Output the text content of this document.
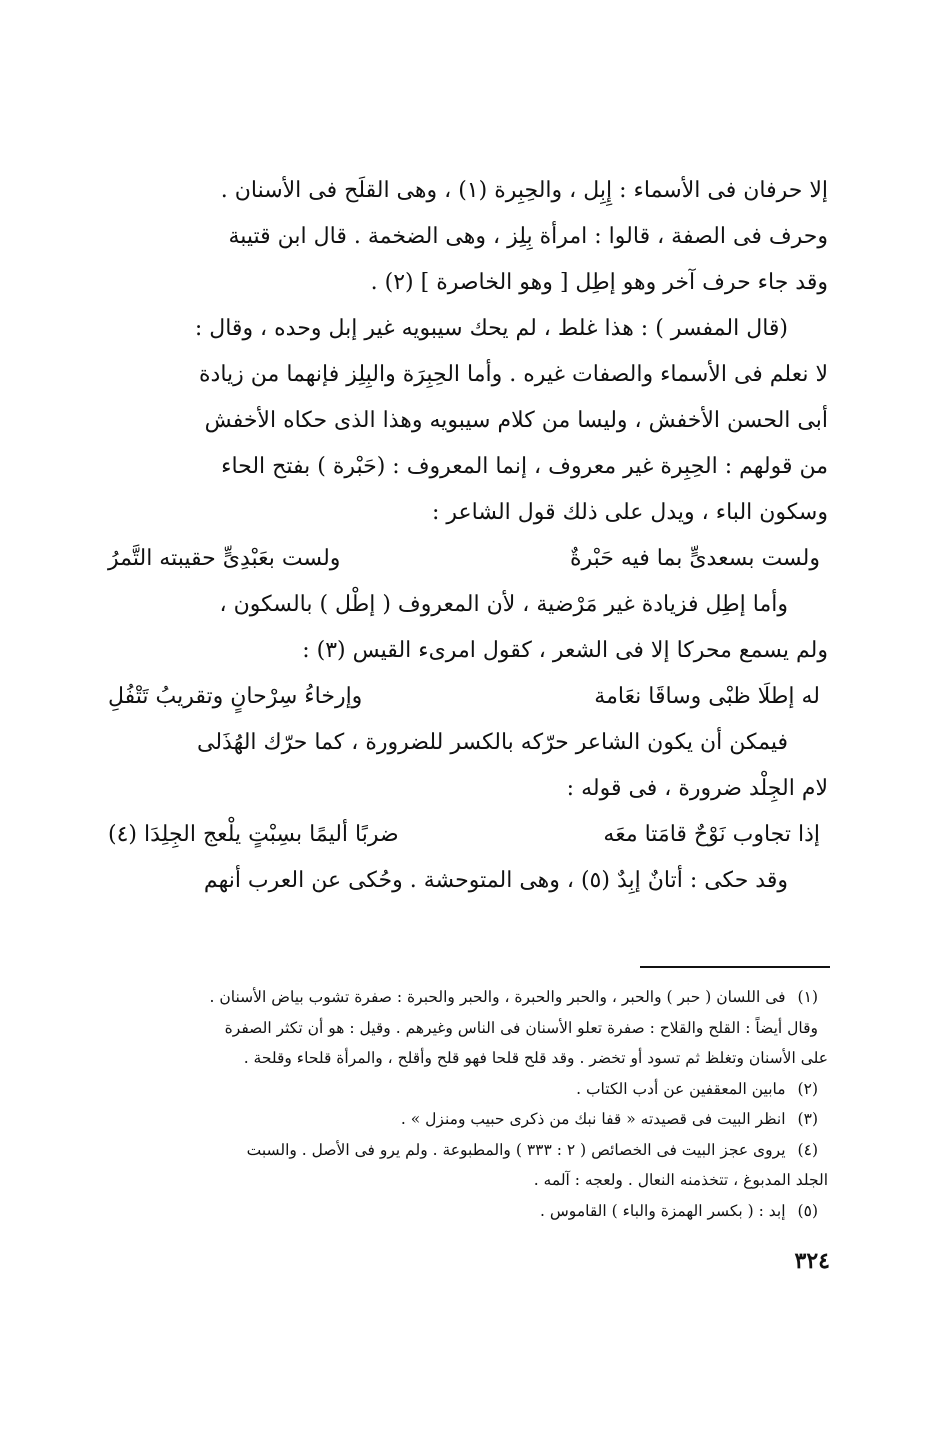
إلا حرفان فى الأسماء : إِبِل ، والحِبِرة (١) ، وهى القلَح فى الأسنان .

وحرف فى الصفة ، قالوا : امرأة بِلِز ، وهى الضخمة . قال ابن قتيبة

وقد جاء حرف آخر وهو إطِل [ وهو الخاصرة ] (٢) .

(قال المفسر ) : هذا غلط ، لم يحك سيبويه غير إبل وحده ، وقال :

لا نعلم فى الأسماء والصفات غيره . وأما الحِبِرَة والبِلِز فإنهما من زيادة

أبى الحسن الأخفش ، وليسا من كلام سيبويه وهذا الذى حكاه الأخفش

من قولهم : الحِبِرة غير معروف ، إنما المعروف : (حَبْرة ) بفتح الحاء

وسكون الباء ، ويدل على ذلك قول الشاعر :

ولست بسعدىٍّ بما فيه حَبْرةٌ
ولست بعَبْدِىٍّ حقيبته التَّمرُ

وأما إطِل فزيادة غير مَرْضية ، لأن المعروف ( إطْل ) بالسكون ،

ولم يسمع محركا إلا فى الشعر ، كقول امرىء القيس (٣) :

له إطلَا ظبْى وساقَا نعَامة
وإرخاءُ سِرْحانٍ وتقريبُ تَتْفُلِ

فيمكن أن يكون الشاعر حرّكه بالكسر للضرورة ، كما حرّك الهُذَلى

لام الجِلْد ضرورة ، فى قوله :

إذا تجاوب نَوْحٌ قامَتا معَه
ضربًا أليمًا بسِبْتٍ يلْعج الجِلِدَا (٤)

وقد حكى : أتانٌ إبِدٌ (٥) ، وهى المتوحشة . وحُكى عن العرب أنهم

(١)فى اللسان ( حبر ) والحبر ، والحبر والحبرة ، والحبر والحبرة : صفرة تشوب بياض الأسنان .

وقال أيضاً : القلح والقلاح : صفرة تعلو الأسنان فى الناس وغيرهم . وقيل : هو أن تكثر الصفرة

على الأسنان وتغلظ ثم تسود أو تخضر . وقد قلح قلحا فهو قلح وأقلح ، والمرأة قلحاء وقلحة .

(٢)مابين المعقفين عن أدب الكتاب .

(٣)انظر البيت فى قصيدته « قفا نبك من ذكرى حبيب ومنزل » .

(٤)يروى عجز البيت فى الخصائص ( ٢ : ٣٣٣ ) والمطبوعة . ولم يرو فى الأصل . والسبت

الجلد المدبوغ ، تتخذمنه النعال . ولعجه : آلمه .

(٥)إبد : ( بكسر الهمزة والباء ) القاموس .

٣٢٤
